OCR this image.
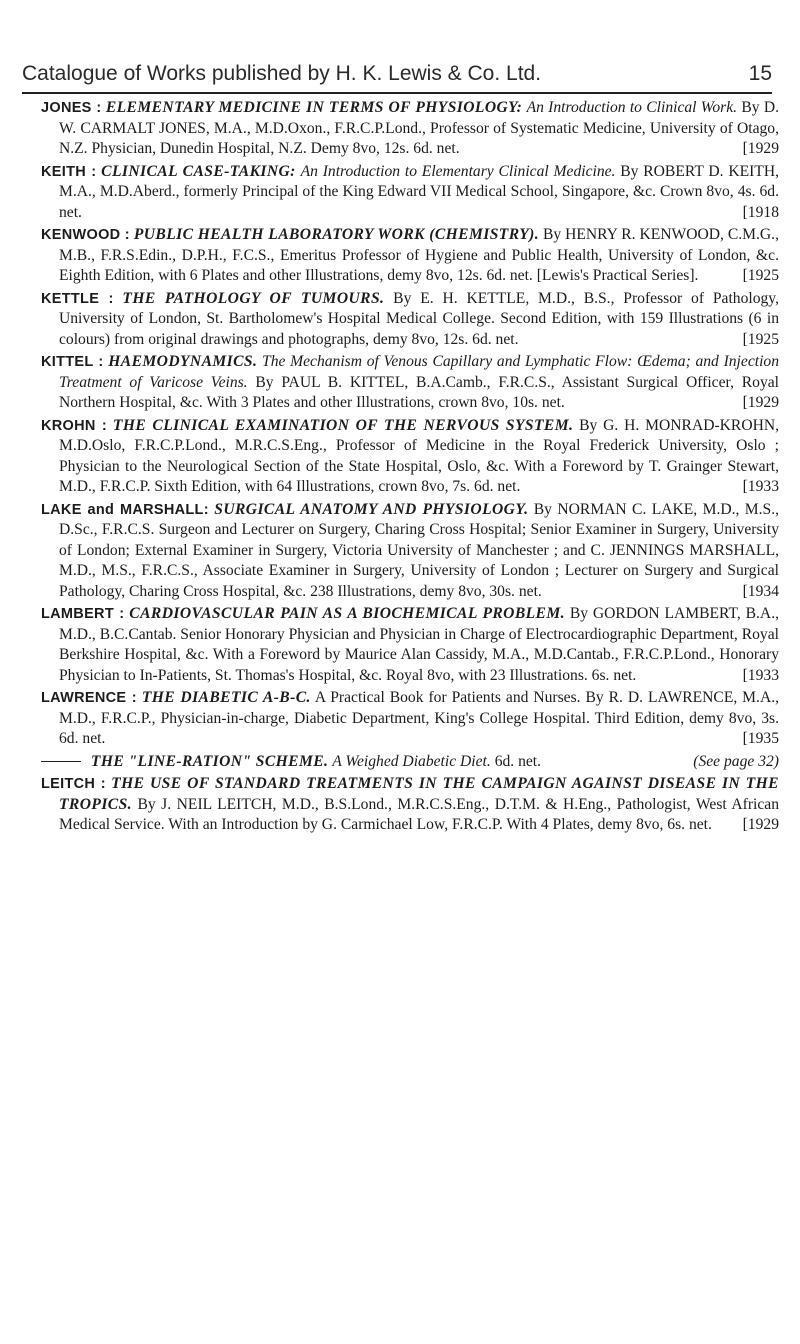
Catalogue of Works published by H. K. Lewis & Co. Ltd.	15

JONES : ELEMENTARY MEDICINE IN TERMS OF PHYSIOLOGY: An Introduction to Clinical Work. By D. W. CARMALT JONES, M.A., M.D.Oxon., F.R.C.P.Lond., Professor of Systematic Medicine, University of Otago, N.Z. Physician, Dunedin Hospital, N.Z. Demy 8vo, 12s. 6d. net.	[1929

KEITH : CLINICAL CASE-TAKING: An Introduction to Elementary Clinical Medicine. By ROBERT D. KEITH, M.A., M.D.Aberd., formerly Principal of the King Edward VII Medical School, Singapore, &c. Crown 8vo, 4s. 6d. net.	[1918

KENWOOD : PUBLIC HEALTH LABORATORY WORK (CHEMISTRY). By HENRY R. KENWOOD, C.M.G., M.B., F.R.S.Edin., D.P.H., F.C.S., Emeritus Professor of Hygiene and Public Health, University of London, &c. Eighth Edition, with 6 Plates and other Illustrations, demy 8vo, 12s. 6d. net. [Lewis's Practical Series].	[1925

KETTLE : THE PATHOLOGY OF TUMOURS. By E. H. KETTLE, M.D., B.S., Professor of Pathology, University of London, St. Bartholomew's Hospital Medical College. Second Edition, with 159 Illustrations (6 in colours) from original drawings and photographs, demy 8vo, 12s. 6d. net.	[1925

KITTEL : HAEMODYNAMICS. The Mechanism of Venous Capillary and Lymphatic Flow: Œdema; and Injection Treatment of Varicose Veins. By PAUL B. KITTEL, B.A.Camb., F.R.C.S., Assistant Surgical Officer, Royal Northern Hospital, &c. With 3 Plates and other Illustrations, crown 8vo, 10s. net.	[1929

KROHN : THE CLINICAL EXAMINATION OF THE NERVOUS SYSTEM. By G. H. MONRAD-KROHN, M.D.Oslo, F.R.C.P.Lond., M.R.C.S.Eng., Professor of Medicine in the Royal Frederick University, Oslo ; Physician to the Neurological Section of the State Hospital, Oslo, &c. With a Foreword by T. Grainger Stewart, M.D., F.R.C.P. Sixth Edition, with 64 Illustrations, crown 8vo, 7s. 6d. net.	[1933

LAKE and MARSHALL: SURGICAL ANATOMY AND PHYSIOLOGY. By NORMAN C. LAKE, M.D., M.S., D.Sc., F.R.C.S. Surgeon and Lecturer on Surgery, Charing Cross Hospital; Senior Examiner in Surgery, University of London; External Examiner in Surgery, Victoria University of Manchester ; and C. JENNINGS MARSHALL, M.D., M.S., F.R.C.S., Associate Examiner in Surgery, University of London ; Lecturer on Surgery and Surgical Pathology, Charing Cross Hospital, &c. 238 Illustrations, demy 8vo, 30s. net.	[1934

LAMBERT : CARDIOVASCULAR PAIN AS A BIOCHEMICAL PROBLEM. By GORDON LAMBERT, B.A., M.D., B.C.Cantab. Senior Honorary Physician and Physician in Charge of Electrocardiographic Department, Royal Berkshire Hospital, &c. With a Foreword by Maurice Alan Cassidy, M.A., M.D.Cantab., F.R.C.P.Lond., Honorary Physician to In-Patients, St. Thomas's Hospital, &c. Royal 8vo, with 23 Illustrations. 6s. net.	[1933

LAWRENCE : THE DIABETIC A-B-C. A Practical Book for Patients and Nurses. By R. D. LAWRENCE, M.A., M.D., F.R.C.P., Physician-in-charge, Diabetic Department, King's College Hospital. Third Edition, demy 8vo, 3s. 6d. net.	[1935

THE "LINE-RATION" SCHEME. A Weighed Diabetic Diet. 6d. net.	(See page 32)

LEITCH : THE USE OF STANDARD TREATMENTS IN THE CAMPAIGN AGAINST DISEASE IN THE TROPICS. By J. NEIL LEITCH, M.D., B.S.Lond., M.R.C.S.Eng., D.T.M. & H.Eng., Pathologist, West African Medical Service. With an Introduction by G. Carmichael Low, F.R.C.P. With 4 Plates, demy 8vo, 6s. net. [1929
